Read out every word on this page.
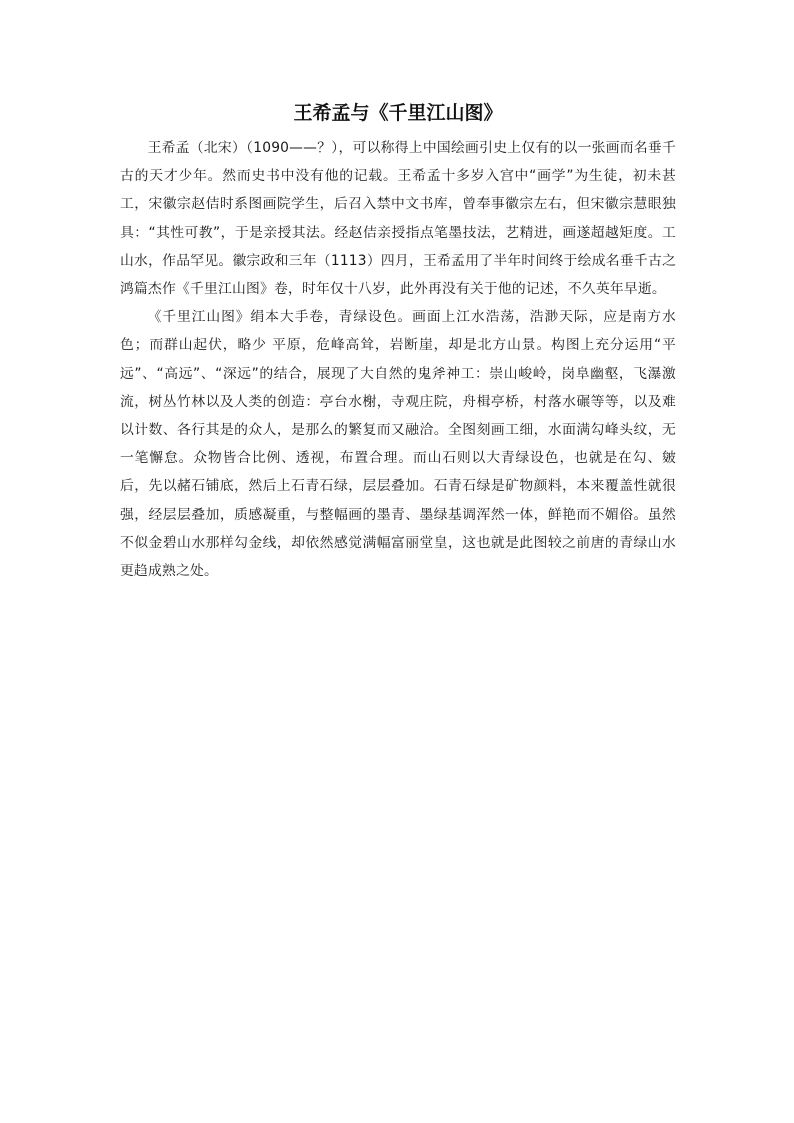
王希孟与《千里江山图》

王希孟（北宋）（1090——？），可以称得上中国绘画引史上仅有的以一张画而名垂千古的天才少年。然而史书中没有他的记载。王希孟十多岁入宫中“画学”为生徒，初未甚工，宋徽宗赵佶时系图画院学生，后召入禁中文书库，曾奉事徽宗左右，但宋徽宗慧眼独具：“其性可教”，于是亲授其法。经赵佶亲授指点笔墨技法，艺精进，画遂超越矩度。工山水，作品罕见。徽宗政和三年（1113）四月，王希孟用了半年时间终于绘成名垂千古之鸿篇杰作《千里江山图》卷，时年仅十八岁，此外再没有关于他的记述，不久英年早逝。

《千里江山图》绢本大手卷，青绿设色。画面上江水浩荡，浩渺天际，应是南方水色；而群山起伏，略少 平原，危峰高耸，岩断崖，却是北方山景。构图上充分运用“平远”、“高远”、“深远”的结合，展现了大自然的鬼斧神工：崇山峻岭，岗阜幽壑，飞瀑激流，树丛竹林以及人类的创造：亭台水榭，寺观庄院，舟楫亭桥，村落水碾等等，以及难以计数、各行其是的众人，是那么的繁复而又融洽。全图刻画工细，水面满勾峰头纹，无一笔懈怠。众物皆合比例、透视，布置合理。而山石则以大青绿设色，也就是在勾、皴后，先以赭石铺底，然后上石青石绿，层层叠加。石青石绿是矿物颜料，本来覆盖性就很强，经层层叠加，质感凝重，与整幅画的墨青、墨绿基调浑然一体，鲜艳而不媚俗。虽然不似金碧山水那样勾金线，却依然感觉满幅富丽堂皇，这也就是此图较之前唐的青绿山水更趋成熟之处。
